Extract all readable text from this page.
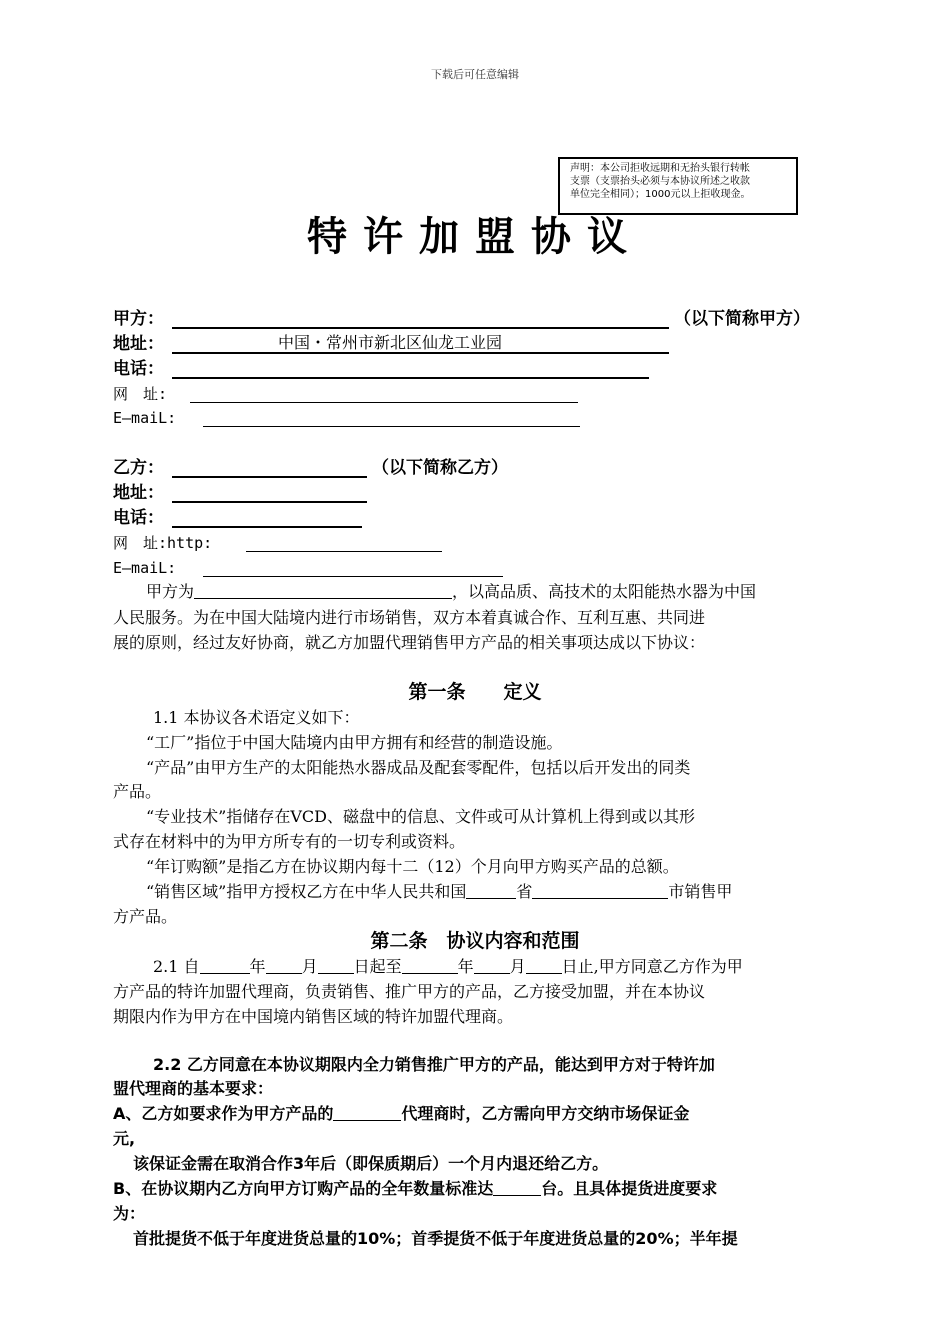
下载后可任意编辑
声明：本公司拒收远期和无抬头银行转帐
支票（支票抬头必须与本协议所述之收款
单位完全相同）；1000元以上拒收现金。
特许加盟协议
甲方：	（以下简称甲方）
地址：	中国・常州市新北区仙龙工业园
电话：
网　址:
E—maiL:
乙方：	（以下简称乙方）
地址：
电话：
网　址:http:
E—maiL:
甲方为	，以高品质、高技术的太阳能热水器为中国
人民服务。为在中国大陆境内进行市场销售，双方本着真诚合作、互利互惠、共同进
展的原则，经过友好协商，就乙方加盟代理销售甲方产品的相关事项达成以下协议：
第一条　　定义
1.1 本协议各术语定义如下：
“工厂”指位于中国大陆境内由甲方拥有和经营的制造设施。
“产品”由甲方生产的太阳能热水器成品及配套零配件，包括以后开发出的同类
产品。
“专业技术”指储存在VCD、磁盘中的信息、文件或可从计算机上得到或以其形
式存在材料中的为甲方所专有的一切专利或资料。
“年订购额”是指乙方在协议期内每十二（12）个月向甲方购买产品的总额。
“销售区域”指甲方授权乙方在中华人民共和国	省	市销售甲
方产品。
第二条　协议内容和范围
2.1 自	年 月 日起至	年 月 日止,甲方同意乙方作为甲
方产品的特许加盟代理商，负责销售、推广甲方的产品，乙方接受加盟，并在本协议
期限内作为甲方在中国境内销售区域的特许加盟代理商。
2.2 乙方同意在本协议期限内全力销售推广甲方的产品，能达到甲方对于特许加
盟代理商的基本要求：
A、乙方如要求作为甲方产品的	代理商时，乙方需向甲方交纳市场保证金
元,
该保证金需在取消合作3年后（即保质期后）一个月内退还给乙方。
B、在协议期内乙方向甲方订购产品的全年数量标准达	台。且具体提货进度要求
为：
首批提货不低于年度进货总量的10%；首季提货不低于年度进货总量的20%；半年提
